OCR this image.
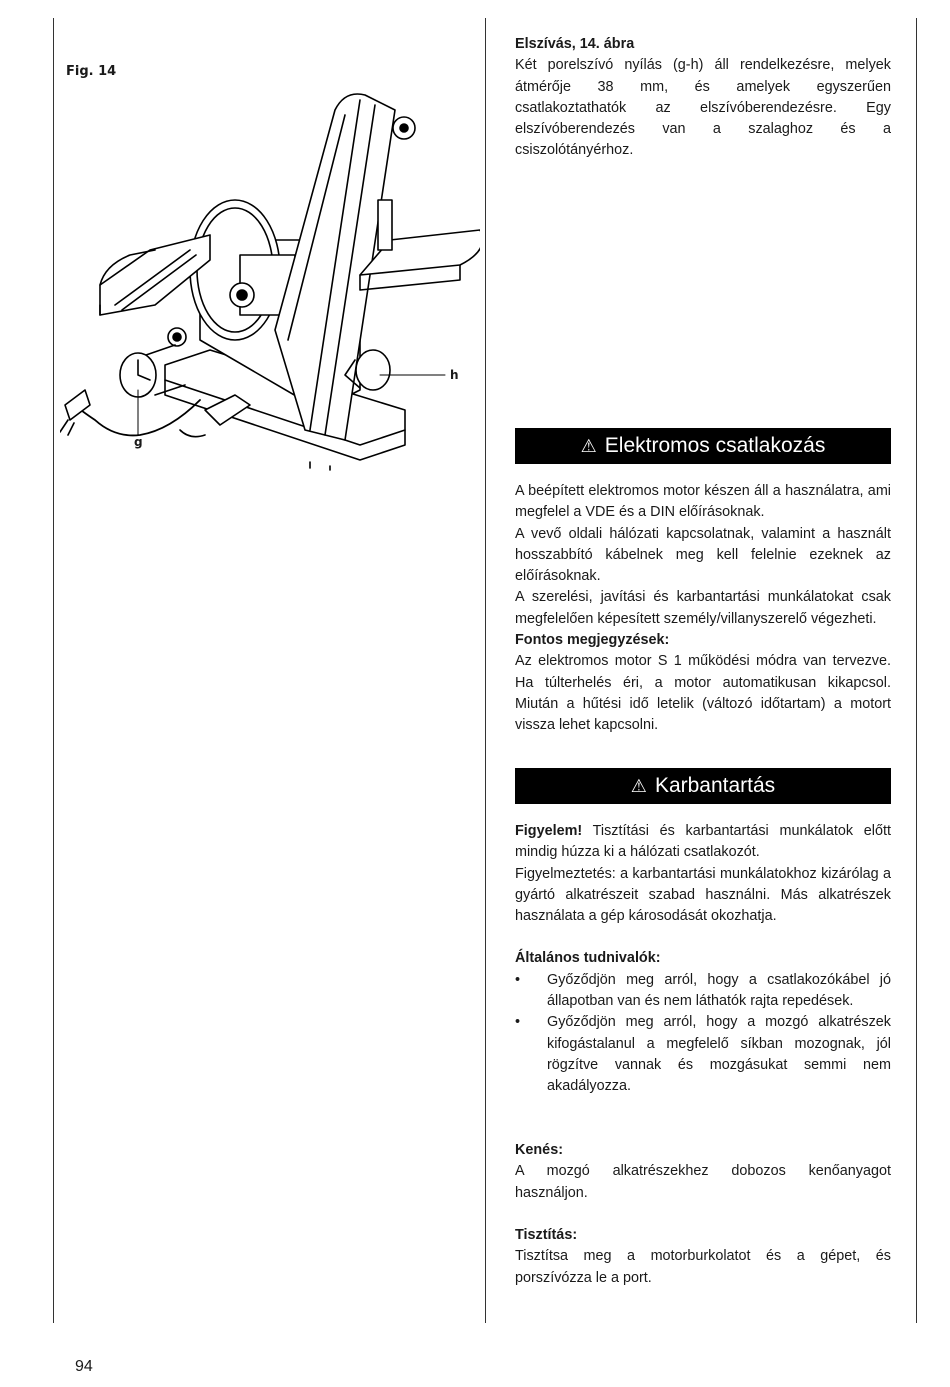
Fig. 14
h
g

Elszívás, 14. ábra

Két porelszívó nyílás (g-h) áll rendelkezésre, melyek átmérője 38 mm, és amelyek egyszerűen csatlakoztathatók az elszívóberendezésre. Egy elszívóberendezés van a szalaghoz és a csiszolótányérhoz.

⚠ Elektromos csatlakozás

A beépített elektromos motor készen áll a használatra, ami megfelel a VDE és a DIN előírásoknak.

A vevő oldali hálózati kapcsolatnak, valamint a használt hosszabbító kábelnek meg kell felelnie ezeknek az előírásoknak.

A szerelési, javítási és karbantartási munkálatokat csak megfelelően képesített személy/villanyszerelő végezheti.

Fontos megjegyzések:

Az elektromos motor S 1 működési módra van tervezve. Ha túlterhelés éri, a motor automatikusan kikapcsol. Miután a hűtési idő letelik (változó időtartam) a motort vissza lehet kapcsolni.

⚠ Karbantartás

Figyelem! Tisztítási és karbantartási munkálatok előtt mindig húzza ki a hálózati csatlakozót.

Figyelmeztetés: a karbantartási munkálatokhoz kizárólag a gyártó alkatrészeit szabad használni. Más alkatrészek használata a gép károsodását okozhatja.

Általános tudnivalók:

• Győződjön meg arról, hogy a csatlakozókábel jó állapotban van és nem láthatók rajta repedések.
• Győződjön meg arról, hogy a mozgó alkatrészek kifogástalanul a megfelelő síkban mozognak, jól rögzítve vannak és mozgásukat semmi nem akadályozza.

Kenés:

A mozgó alkatrészekhez dobozos kenőanyagot használjon.

Tisztítás:

Tisztítsa meg a motorburkolatot és a gépet, és porszívózza le a port.

94
